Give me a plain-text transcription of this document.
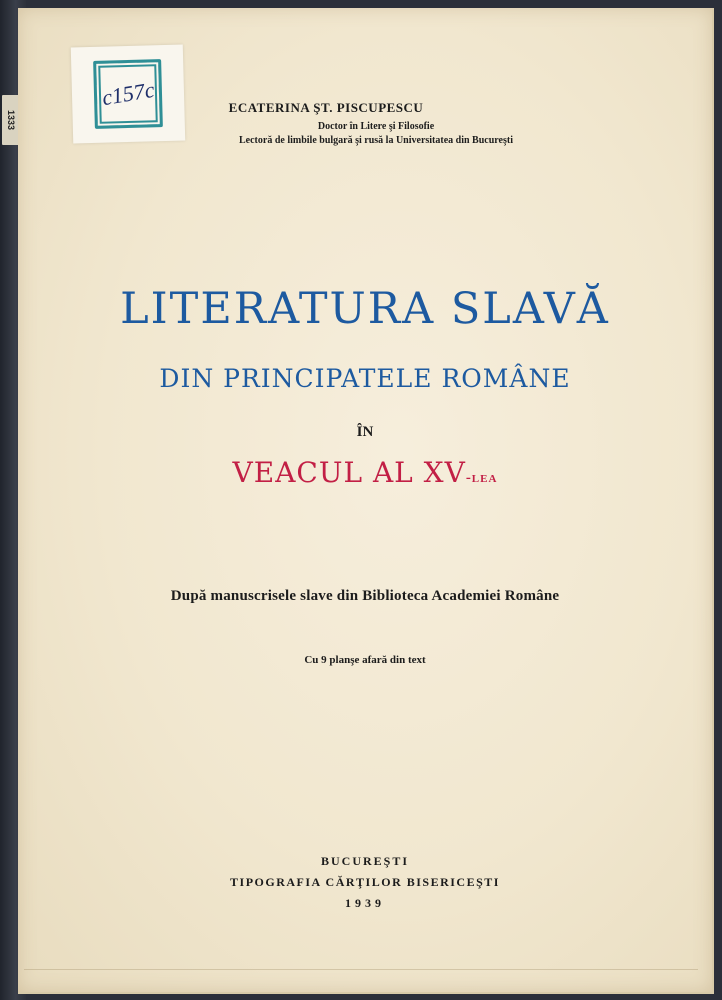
1333
c157c	ECATERINA ŞT. PISCUPESCU
Doctor în Litere şi Filosofie
Lectoră de limbile bulgară şi rusă la Universitatea din Bucureşti
LITERATURA SLAVĂ
DIN PRINCIPATELE ROMÂNE
ÎN
VEACUL AL XV-lea
După manuscrisele slave din Biblioteca Academiei Române
Cu 9 planşe afară din text
BUCUREŞTI
TIPOGRAFIA CĂRŢILOR BISERICEŞTI
1939
